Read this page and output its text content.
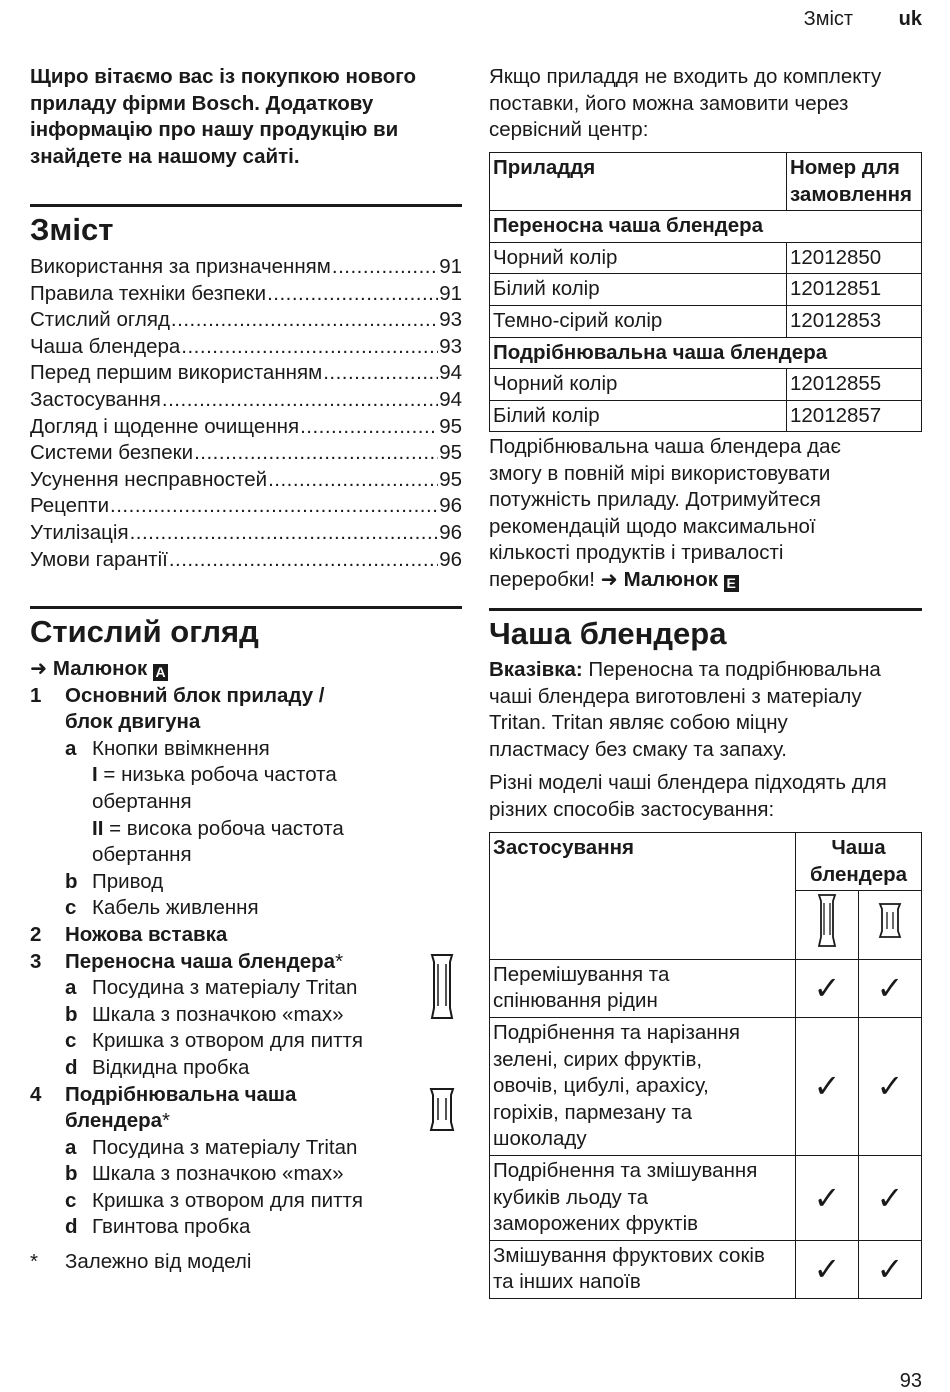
Зміст uk
Щиро вітаємо вас із покупкою нового
приладу фірми Bosch. Додаткову
інформацію про нашу продукцію ви
знайдете на нашому сайті.
Зміст
Використання за призначенням .....	91
Правила техніки безпеки .....	91
Стислий огляд .....	93
Чаша блендера .....	93
Перед першим використанням .....	94
Застосування .....	94
Догляд і щоденне очищення .....	95
Системи безпеки .....	95
Усунення несправностей .....	95
Рецепти .....	96
Утилізація .....	96
Умови гарантії .....	96
Стислий огляд
➜ Малюнок A
1 Основний блок приладу /
блок двигуна
a Кнопки ввімкнення
I = низька робоча частота
обертання
II = висока робоча частота
обертання
b Привод
c Кабель живлення
2 Ножова вставка
3 Переносна чаша блендера*
a Посудина з матеріалу Tritan
b Шкала з позначкою «max»
c Кришка з отвором для пиття
d Відкидна пробка
4 Подрібнювальна чаша
блендера*
a Посудина з матеріалу Tritan
b Шкала з позначкою «max»
c Кришка з отвором для пиття
d Гвинтова пробка
* Залежно від моделі
Якщо приладдя не входить до комплекту
поставки, його можна замовити через
сервісний центр:
Приладдя	Номер для
замовлення
Переносна чаша блендера	
Чорний колір	12012850
Білий колір	12012851
Темно-сірий колір	12012853
Подрібнювальна чаша блендера	
Чорний колір	12012855
Білий колір	12012857
Подрібнювальна чаша блендера дає
змогу в повній мірі використовувати
потужність приладу. Дотримуйтеся
рекомендацій щодо максимальної
кількості продуктів і тривалості
переробки! ➜ Малюнок E
Чаша блендера
Вказівка: Переносна та подрібнювальна
чаші блендера виготовлені з матеріалу
Tritan. Tritan являє собою міцну
пластмасу без смаку та запаху.
Різні моделі чаші блендера підходять для
різних способів застосування:
Застосування	Чаша
блендера	

Перемішування та
спінювання рідин	✓	✓

Подрібнення та нарізання
зелені, сирих фруктів,
овочів, цибулі, арахісу,
горіхів, пармезану та
шоколаду	✓	✓

Подрібнення та змішування
кубиків льоду та
заморожених фруктів	✓	✓

Змішування фруктових соків
та інших напоїв	✓	✓
93
